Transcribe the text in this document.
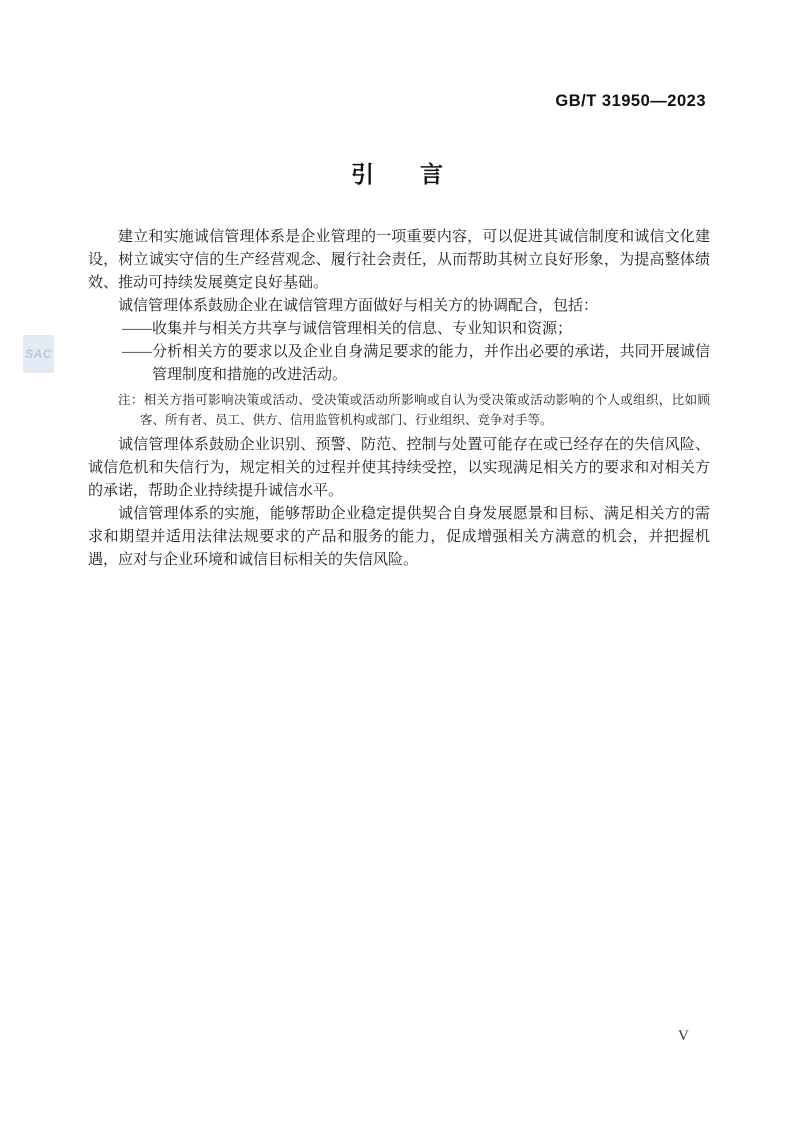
GB/T 31950—2023
引　　言
SAC

建立和实施诚信管理体系是企业管理的一项重要内容，可以促进其诚信制度和诚信文化建设，树立诚实守信的生产经营观念、履行社会责任，从而帮助其树立良好形象，为提高整体绩效、推动可持续发展奠定良好基础。

诚信管理体系鼓励企业在诚信管理方面做好与相关方的协调配合，包括：

——收集并与相关方共享与诚信管理相关的信息、专业知识和资源；

——分析相关方的要求以及企业自身满足要求的能力，并作出必要的承诺，共同开展诚信管理制度和措施的改进活动。

注：相关方指可影响决策或活动、受决策或活动所影响或自认为受决策或活动影响的个人或组织，比如顾客、所有者、员工、供方、信用监管机构或部门、行业组织、竞争对手等。

诚信管理体系鼓励企业识别、预警、防范、控制与处置可能存在或已经存在的失信风险、诚信危机和失信行为，规定相关的过程并使其持续受控，以实现满足相关方的要求和对相关方的承诺，帮助企业持续提升诚信水平。

诚信管理体系的实施，能够帮助企业稳定提供契合自身发展愿景和目标、满足相关方的需求和期望并适用法律法规要求的产品和服务的能力，促成增强相关方满意的机会，并把握机遇，应对与企业环境和诚信目标相关的失信风险。

V
